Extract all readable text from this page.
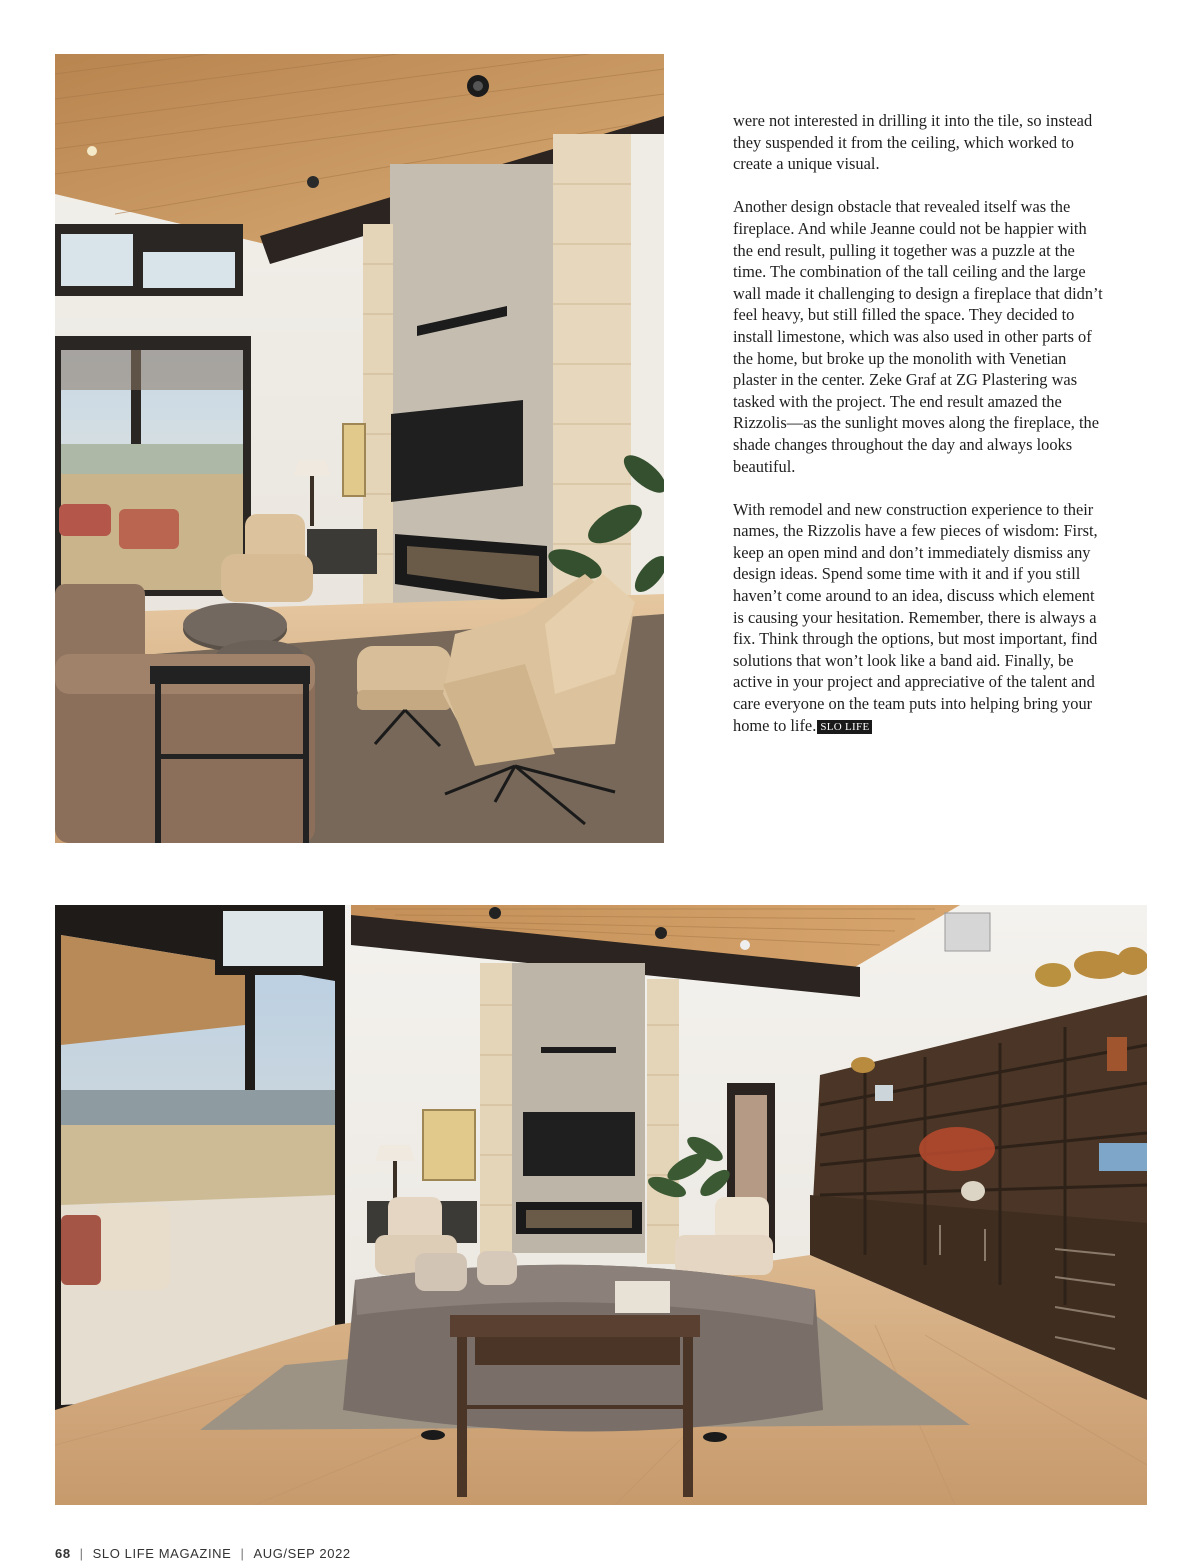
were not interested in drilling it into the tile, so instead they suspended it from the ceiling, which worked to create a unique visual.

Another design obstacle that revealed itself was the fireplace. And while Jeanne could not be happier with the end result, pulling it together was a puzzle at the time. The combination of the tall ceiling and the large wall made it challenging to design a fireplace that didn’t feel heavy, but still filled the space. They decided to install limestone, which was also used in other parts of the home, but broke up the monolith with Venetian plaster in the center. Zeke Graf at ZG Plastering was tasked with the project. The end result amazed the Rizzolis—as the sunlight moves along the fireplace, the shade changes throughout the day and always looks beautiful.

With remodel and new construction experience to their names, the Rizzolis have a few pieces of wisdom: First, keep an open mind and don’t immediately dismiss any design ideas. Spend some time with it and if you still haven’t come around to an idea, discuss which element is causing your hesitation. Remember, there is always a fix. Think through the options, but most important, find solutions that won’t look like a band aid. Finally, be active in your project and appreciative of the talent and care everyone on the team puts into helping bring your home to life. SLO LIFE

68 | SLO LIFE MAGAZINE | AUG/SEP 2022
